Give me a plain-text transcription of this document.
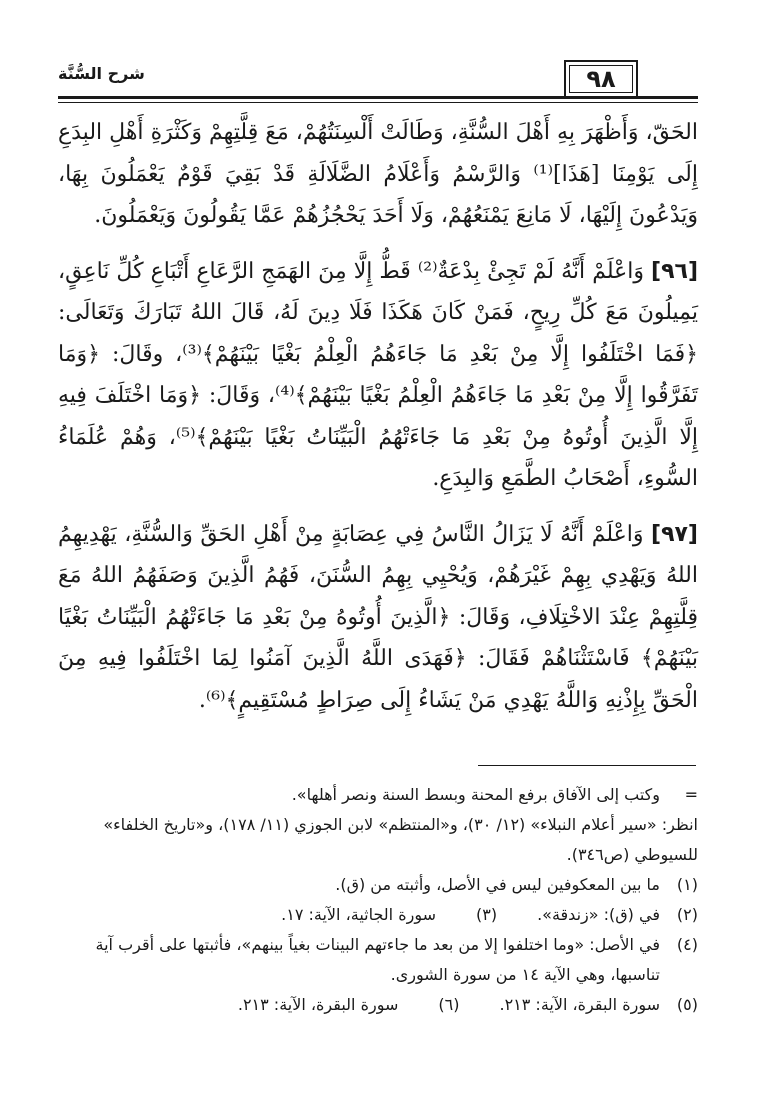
٩٨
شرح السُّنَّة

الحَقّ، وَأَظْهَرَ بِهِ أَهْلَ السُّنَّةِ، وَطَالَتْ أَلْسِنَتُهُمْ، مَعَ قِلَّتِهِمْ وَكَثْرَةِ أَهْلِ البِدَعِ إِلَى يَوْمِنَا [هَذَا]⁽¹⁾ وَالرَّسْمُ وَأَعْلَامُ الضَّلَالَةِ قَدْ بَقِيَ قَوْمٌ يَعْمَلُونَ بِهَا، وَيَدْعُونَ إِلَيْهَا، لَا مَانِعَ يَمْنَعُهُمْ، وَلَا أَحَدَ يَحْجُزُهُمْ عَمَّا يَقُولُونَ وَيَعْمَلُونَ.

[٩٦] وَاعْلَمْ أَنَّهُ لَمْ تَجِئْ بِدْعَةٌ⁽²⁾ قَطُّ إِلَّا مِنَ الهَمَجِ الرَّعَاعِ أَتْبَاعِ كُلِّ نَاعِقٍ، يَمِيلُونَ مَعَ كُلِّ رِيحٍ، فَمَنْ كَانَ هَكَذَا فَلَا دِينَ لَهُ، قَالَ اللهُ تَبَارَكَ وَتَعَالَى: ﴿فَمَا اخْتَلَفُوا إِلَّا مِنْ بَعْدِ مَا جَاءَهُمُ الْعِلْمُ بَغْيًا بَيْنَهُمْ﴾⁽³⁾، وقَالَ: ﴿وَمَا تَفَرَّقُوا إِلَّا مِنْ بَعْدِ مَا جَاءَهُمُ الْعِلْمُ بَغْيًا بَيْنَهُمْ﴾⁽⁴⁾، وَقَالَ: ﴿وَمَا اخْتَلَفَ فِيهِ إِلَّا الَّذِينَ أُوتُوهُ مِنْ بَعْدِ مَا جَاءَتْهُمُ الْبَيِّنَاتُ بَغْيًا بَيْنَهُمْ﴾⁽⁵⁾، وَهُمْ عُلَمَاءُ السُّوءِ، أَصْحَابُ الطَّمَعِ وَالبِدَعِ.

[٩٧] وَاعْلَمْ أَنَّهُ لَا يَزَالُ النَّاسُ فِي عِصَابَةٍ مِنْ أَهْلِ الحَقِّ وَالسُّنَّةِ، يَهْدِيهِمُ اللهُ وَيَهْدِي بِهِمْ غَيْرَهُمْ، وَيُحْيِي بِهِمُ السُّنَنَ، فَهُمُ الَّذِينَ وَصَفَهُمُ اللهُ مَعَ قِلَّتِهِمْ عِنْدَ الاخْتِلَافِ، وَقَالَ: ﴿الَّذِينَ أُوتُوهُ مِنْ بَعْدِ مَا جَاءَتْهُمُ الْبَيِّنَاتُ بَغْيًا بَيْنَهُمْ﴾ فَاسْتَثْنَاهُمْ فَقَالَ: ﴿فَهَدَى اللَّهُ الَّذِينَ آمَنُوا لِمَا اخْتَلَفُوا فِيهِ مِنَ الْحَقِّ بِإِذْنِهِ وَاللَّهُ يَهْدِي مَنْ يَشَاءُ إِلَى صِرَاطٍ مُسْتَقِيمٍ﴾⁽⁶⁾.

=
وكتب إلى الآفاق برفع المحنة وبسط السنة ونصر أهلها».
انظر: «سير أعلام النبلاء» (١٢/ ٣٠)، و«المنتظم» لابن الجوزي (١١/ ١٧٨)، و«تاريخ الخلفاء» للسيوطي (ص٣٤٦).
(١)
ما بين المعكوفين ليس في الأصل، وأثبته من (ق).
(٢)
في (ق): «زندقة».
(٣)
سورة الجاثية، الآية: ١٧.
(٤)
في الأصل: «وما اختلفوا إلا من بعد ما جاءتهم البينات بغياً بينهم»، فأثبتها على أقرب آية تناسبها، وهي الآية ١٤ من سورة الشورى.
(٥)
سورة البقرة، الآية: ٢١٣.
(٦)
سورة البقرة، الآية: ٢١٣.
